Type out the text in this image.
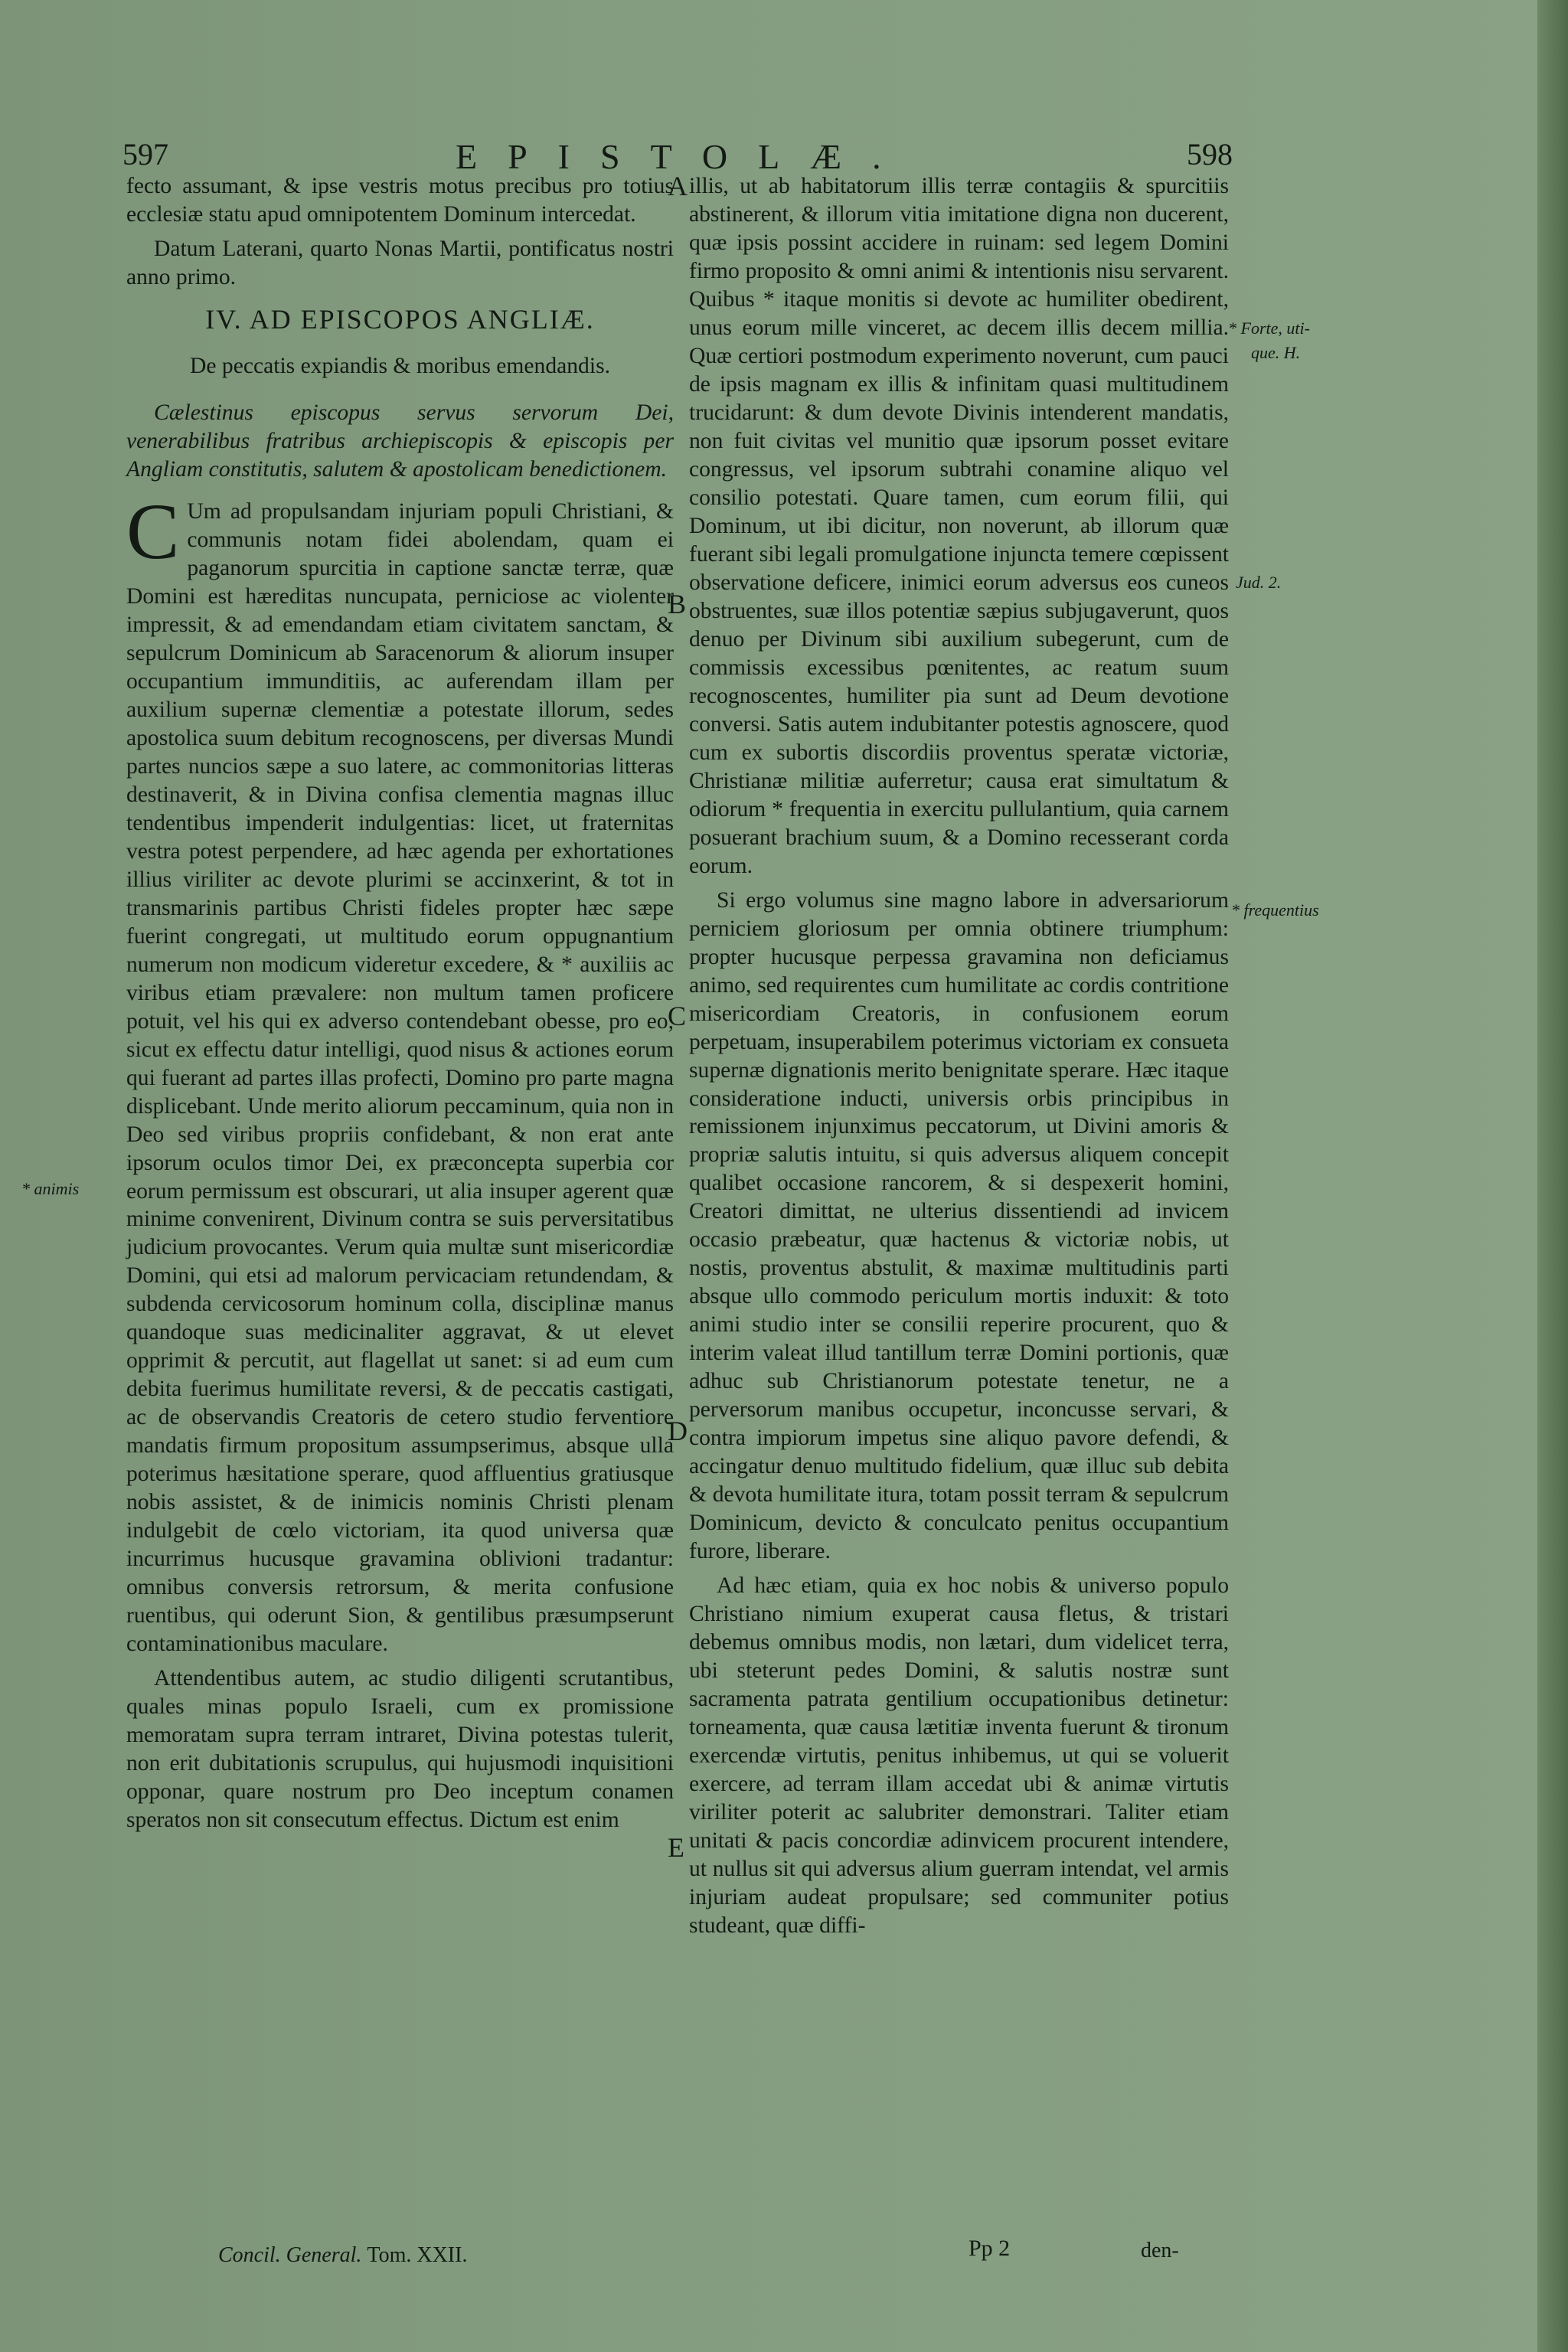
597	EPISTOLÆ.	598

fecto assumant, & ipse vestris motus precibus pro totius ecclesiæ statu apud omnipotentem Dominum intercedat.

Datum Laterani, quarto Nonas Martii, pontificatus nostri anno primo.

IV. AD EPISCOPOS ANGLIÆ.
De peccatis expiandis & moribus emendandis.

Cælestinus episcopus servus servorum Dei, venerabilibus fratribus archiepiscopis & episcopis per Angliam constitutis, salutem & apostolicam benedictionem.

CUm ad propulsandam injuriam populi Christiani, & communis notam fidei abolendam, quam ei paganorum spurcitia in captione sanctæ terræ, quæ Domini est hæreditas nuncupata, perniciose ac violenter impressit, & ad emendandam etiam civitatem sanctam, & sepulcrum Dominicum ab Saracenorum & aliorum insuper occupantium immunditiis, ac auferendam illam per auxilium supernæ clementiæ a potestate illorum, sedes apostolica suum debitum recognoscens, per diversas Mundi partes nuncios sæpe a suo latere, ac commonitorias litteras destinaverit, & in Divina confisa clementia magnas illuc tendentibus impenderit indulgentias: licet, ut fraternitas vestra potest perpendere, ad hæc agenda per exhortationes illius viriliter ac devote plurimi se accinxerint, & tot in transmarinis partibus Christi fideles propter hæc sæpe fuerint congregati, ut multitudo eorum oppugnantium numerum non modicum videretur excedere, & * auxiliis ac viribus etiam prævalere: non multum tamen proficere potuit, vel his qui ex adverso contendebant obesse, pro eo, sicut ex effectu datur intelligi, quod nisus & actiones eorum qui fuerant ad partes illas profecti, Domino pro parte magna displicebant. Unde merito aliorum peccaminum, quia non in Deo sed viribus propriis confidebant, & non erat ante ipsorum oculos timor Dei, ex præconcepta superbia cor eorum permissum est obscurari, ut alia insuper agerent quæ minime convenirent, Divinum contra se suis perversitatibus judicium provocantes. Verum quia multæ sunt misericordiæ Domini, qui etsi ad malorum pervicaciam retundendam, & subdenda cervicosorum hominum colla, disciplinæ manus quandoque suas medicinaliter aggravat, & ut elevet opprimit & percutit, aut flagellat ut sanet: si ad eum cum debita fuerimus humilitate reversi, & de peccatis castigati, ac de observandis Creatoris de cetero studio ferventiore mandatis firmum propositum assumpserimus, absque ulla poterimus hæsitatione sperare, quod affluentius gratiusque nobis assistet, & de inimicis nominis Christi plenam indulgebit de cœlo victoriam, ita quod universa quæ incurrimus hucusque gravamina oblivioni tradantur: omnibus conversis retrorsum, & merita confusione ruentibus, qui oderunt Sion, & gentilibus præsumpserunt contaminationibus maculare.

Attendentibus autem, ac studio diligenti scrutantibus, quales minas populo Israeli, cum ex promissione memoratam supra terram intraret, Divina potestas tulerit, non erit dubitationis scrupulus, qui hujusmodi inquisitioni opponar, quare nostrum pro Deo inceptum conamen speratos non sit consecutum effectus. Dictum est enim

illis, ut ab habitatorum illis terræ contagiis & spurcitiis abstinerent, & illorum vitia imitatione digna non ducerent, quæ ipsis possint accidere in ruinam: sed legem Domini firmo proposito & omni animi & intentionis nisu servarent. Quibus * itaque monitis si devote ac humiliter obedirent, unus eorum mille vinceret, ac decem illis decem millia. Quæ certiori postmodum experimento noverunt, cum pauci de ipsis magnam ex illis & infinitam quasi multitudinem trucidarunt: & dum devote Divinis intenderent mandatis, non fuit civitas vel munitio quæ ipsorum posset evitare congressus, vel ipsorum subtrahi conamine aliquo vel consilio potestati. Quare tamen, cum eorum filii, qui Dominum, ut ibi dicitur, non noverunt, ab illorum quæ fuerant sibi legali promulgatione injuncta temere cœpissent observatione deficere, inimici eorum adversus eos cuneos obstruentes, suæ illos potentiæ sæpius subjugaverunt, quos denuo per Divinum sibi auxilium subegerunt, cum de commissis excessibus pœnitentes, ac reatum suum recognoscentes, humiliter pia sunt ad Deum devotione conversi. Satis autem indubitanter potestis agnoscere, quod cum ex subortis discordiis proventus speratæ victoriæ, Christianæ militiæ auferretur; causa erat simultatum & odiorum * frequentia in exercitu pullulantium, quia carnem posuerant brachium suum, & a Domino recesserant corda eorum.

Si ergo volumus sine magno labore in adversariorum perniciem gloriosum per omnia obtinere triumphum: propter hucusque perpessa gravamina non deficiamus animo, sed requirentes cum humilitate ac cordis contritione misericordiam Creatoris, in confusionem eorum perpetuam, insuperabilem poterimus victoriam ex consueta supernæ dignationis merito benignitate sperare. Hæc itaque consideratione inducti, universis orbis principibus in remissionem injunximus peccatorum, ut Divini amoris & propriæ salutis intuitu, si quis adversus aliquem concepit qualibet occasione rancorem, & si despexerit homini, Creatori dimittat, ne ulterius dissentiendi ad invicem occasio præbeatur, quæ hactenus & victoriæ nobis, ut nostis, proventus abstulit, & maximæ multitudinis parti absque ullo commodo periculum mortis induxit: & toto animi studio inter se consilii reperire procurent, quo & interim valeat illud tantillum terræ Domini portionis, quæ adhuc sub Christianorum potestate tenetur, ne a perversorum manibus occupetur, inconcusse servari, & contra impiorum impetus sine aliquo pavore defendi, & accingatur denuo multitudo fidelium, quæ illuc sub debita & devota humilitate itura, totam possit terram & sepulcrum Dominicum, devicto & conculcato penitus occupantium furore, liberare.

Ad hæc etiam, quia ex hoc nobis & universo populo Christiano nimium exuperat causa fletus, & tristari debemus omnibus modis, non lætari, dum videlicet terra, ubi steterunt pedes Domini, & salutis nostræ sunt sacramenta patrata gentilium occupationibus detinetur: torneamenta, quæ causa lætitiæ inventa fuerunt & tironum exercendæ virtutis, penitus inhibemus, ut qui se voluerit exercere, ad terram illam accedat ubi & animæ virtutis viriliter poterit ac salubriter demonstrari. Taliter etiam unitati & pacis concordiæ adinvicem procurent intendere, ut nullus sit qui adversus alium guerram intendat, vel armis injuriam audeat propulsare; sed communiter potius studeant, quæ diffi-

Concil. General. Tom. XXII.	Pp 2	den-
* animis
* Forte, uti-
que. H.
Jud. 2.
* frequentius
A
B
C
D
E
